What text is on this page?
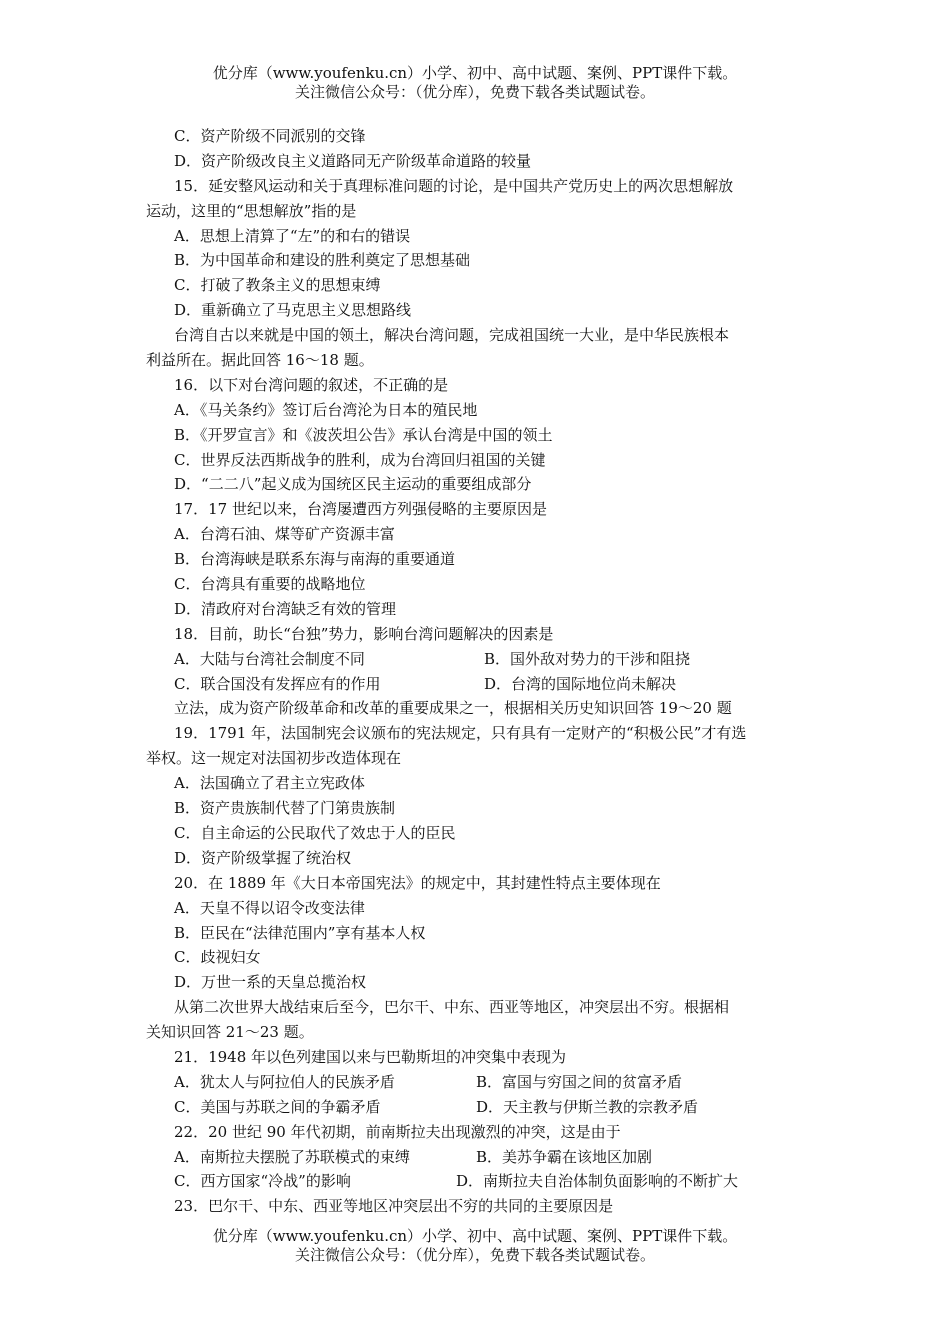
优分库（www.youfenku.cn）小学、初中、高中试题、案例、PPT课件下载。
关注微信公众号：（优分库），免费下载各类试题试卷。
C．资产阶级不同派别的交锋
D．资产阶级改良主义道路同无产阶级革命道路的较量
15．延安整风运动和关于真理标准问题的讨论，是中国共产党历史上的两次思想解放
运动，这里的“思想解放”指的是
A．思想上清算了“左”的和右的错误
B．为中国革命和建设的胜利奠定了思想基础
C．打破了教条主义的思想束缚
D．重新确立了马克思主义思想路线
台湾自古以来就是中国的领土，解决台湾问题，完成祖国统一大业，是中华民族根本
利益所在。据此回答 16～18 题。
16．以下对台湾问题的叙述，不正确的是
A．《马关条约》签订后台湾沦为日本的殖民地
B．《开罗宣言》和《波茨坦公告》承认台湾是中国的领土
C．世界反法西斯战争的胜利，成为台湾回归祖国的关键
D．“二二八”起义成为国统区民主运动的重要组成部分
17．17 世纪以来，台湾屡遭西方列强侵略的主要原因是
A．台湾石油、煤等矿产资源丰富
B．台湾海峡是联系东海与南海的重要通道
C．台湾具有重要的战略地位
D．清政府对台湾缺乏有效的管理
18．目前，助长“台独”势力，影响台湾问题解决的因素是
A．大陆与台湾社会制度不同	B．国外敌对势力的干涉和阻挠
C．联合国没有发挥应有的作用	D．台湾的国际地位尚未解决
立法，成为资产阶级革命和改革的重要成果之一，根据相关历史知识回答 19～20 题
19．1791 年，法国制宪会议颁布的宪法规定，只有具有一定财产的“积极公民”才有选
举权。这一规定对法国初步改造体现在
A．法国确立了君主立宪政体
B．资产贵族制代替了门第贵族制
C．自主命运的公民取代了效忠于人的臣民
D．资产阶级掌握了统治权
20．在 1889 年《大日本帝国宪法》的规定中，其封建性特点主要体现在
A．天皇不得以诏令改变法律
B．臣民在“法律范围内”享有基本人权
C．歧视妇女
D．万世一系的天皇总揽治权
从第二次世界大战结束后至今，巴尔干、中东、西亚等地区，冲突层出不穷。根据相
关知识回答 21～23 题。
21．1948 年以色列建国以来与巴勒斯坦的冲突集中表现为
A．犹太人与阿拉伯人的民族矛盾	B．富国与穷国之间的贫富矛盾
C．美国与苏联之间的争霸矛盾	D．天主教与伊斯兰教的宗教矛盾
22．20 世纪 90 年代初期，前南斯拉夫出现激烈的冲突，这是由于
A．南斯拉夫摆脱了苏联模式的束缚	B．美苏争霸在该地区加剧
C．西方国家“冷战”的影响	D．南斯拉夫自治体制负面影响的不断扩大
23．巴尔干、中东、西亚等地区冲突层出不穷的共同的主要原因是
优分库（www.youfenku.cn）小学、初中、高中试题、案例、PPT课件下载。
关注微信公众号：（优分库），免费下载各类试题试卷。
